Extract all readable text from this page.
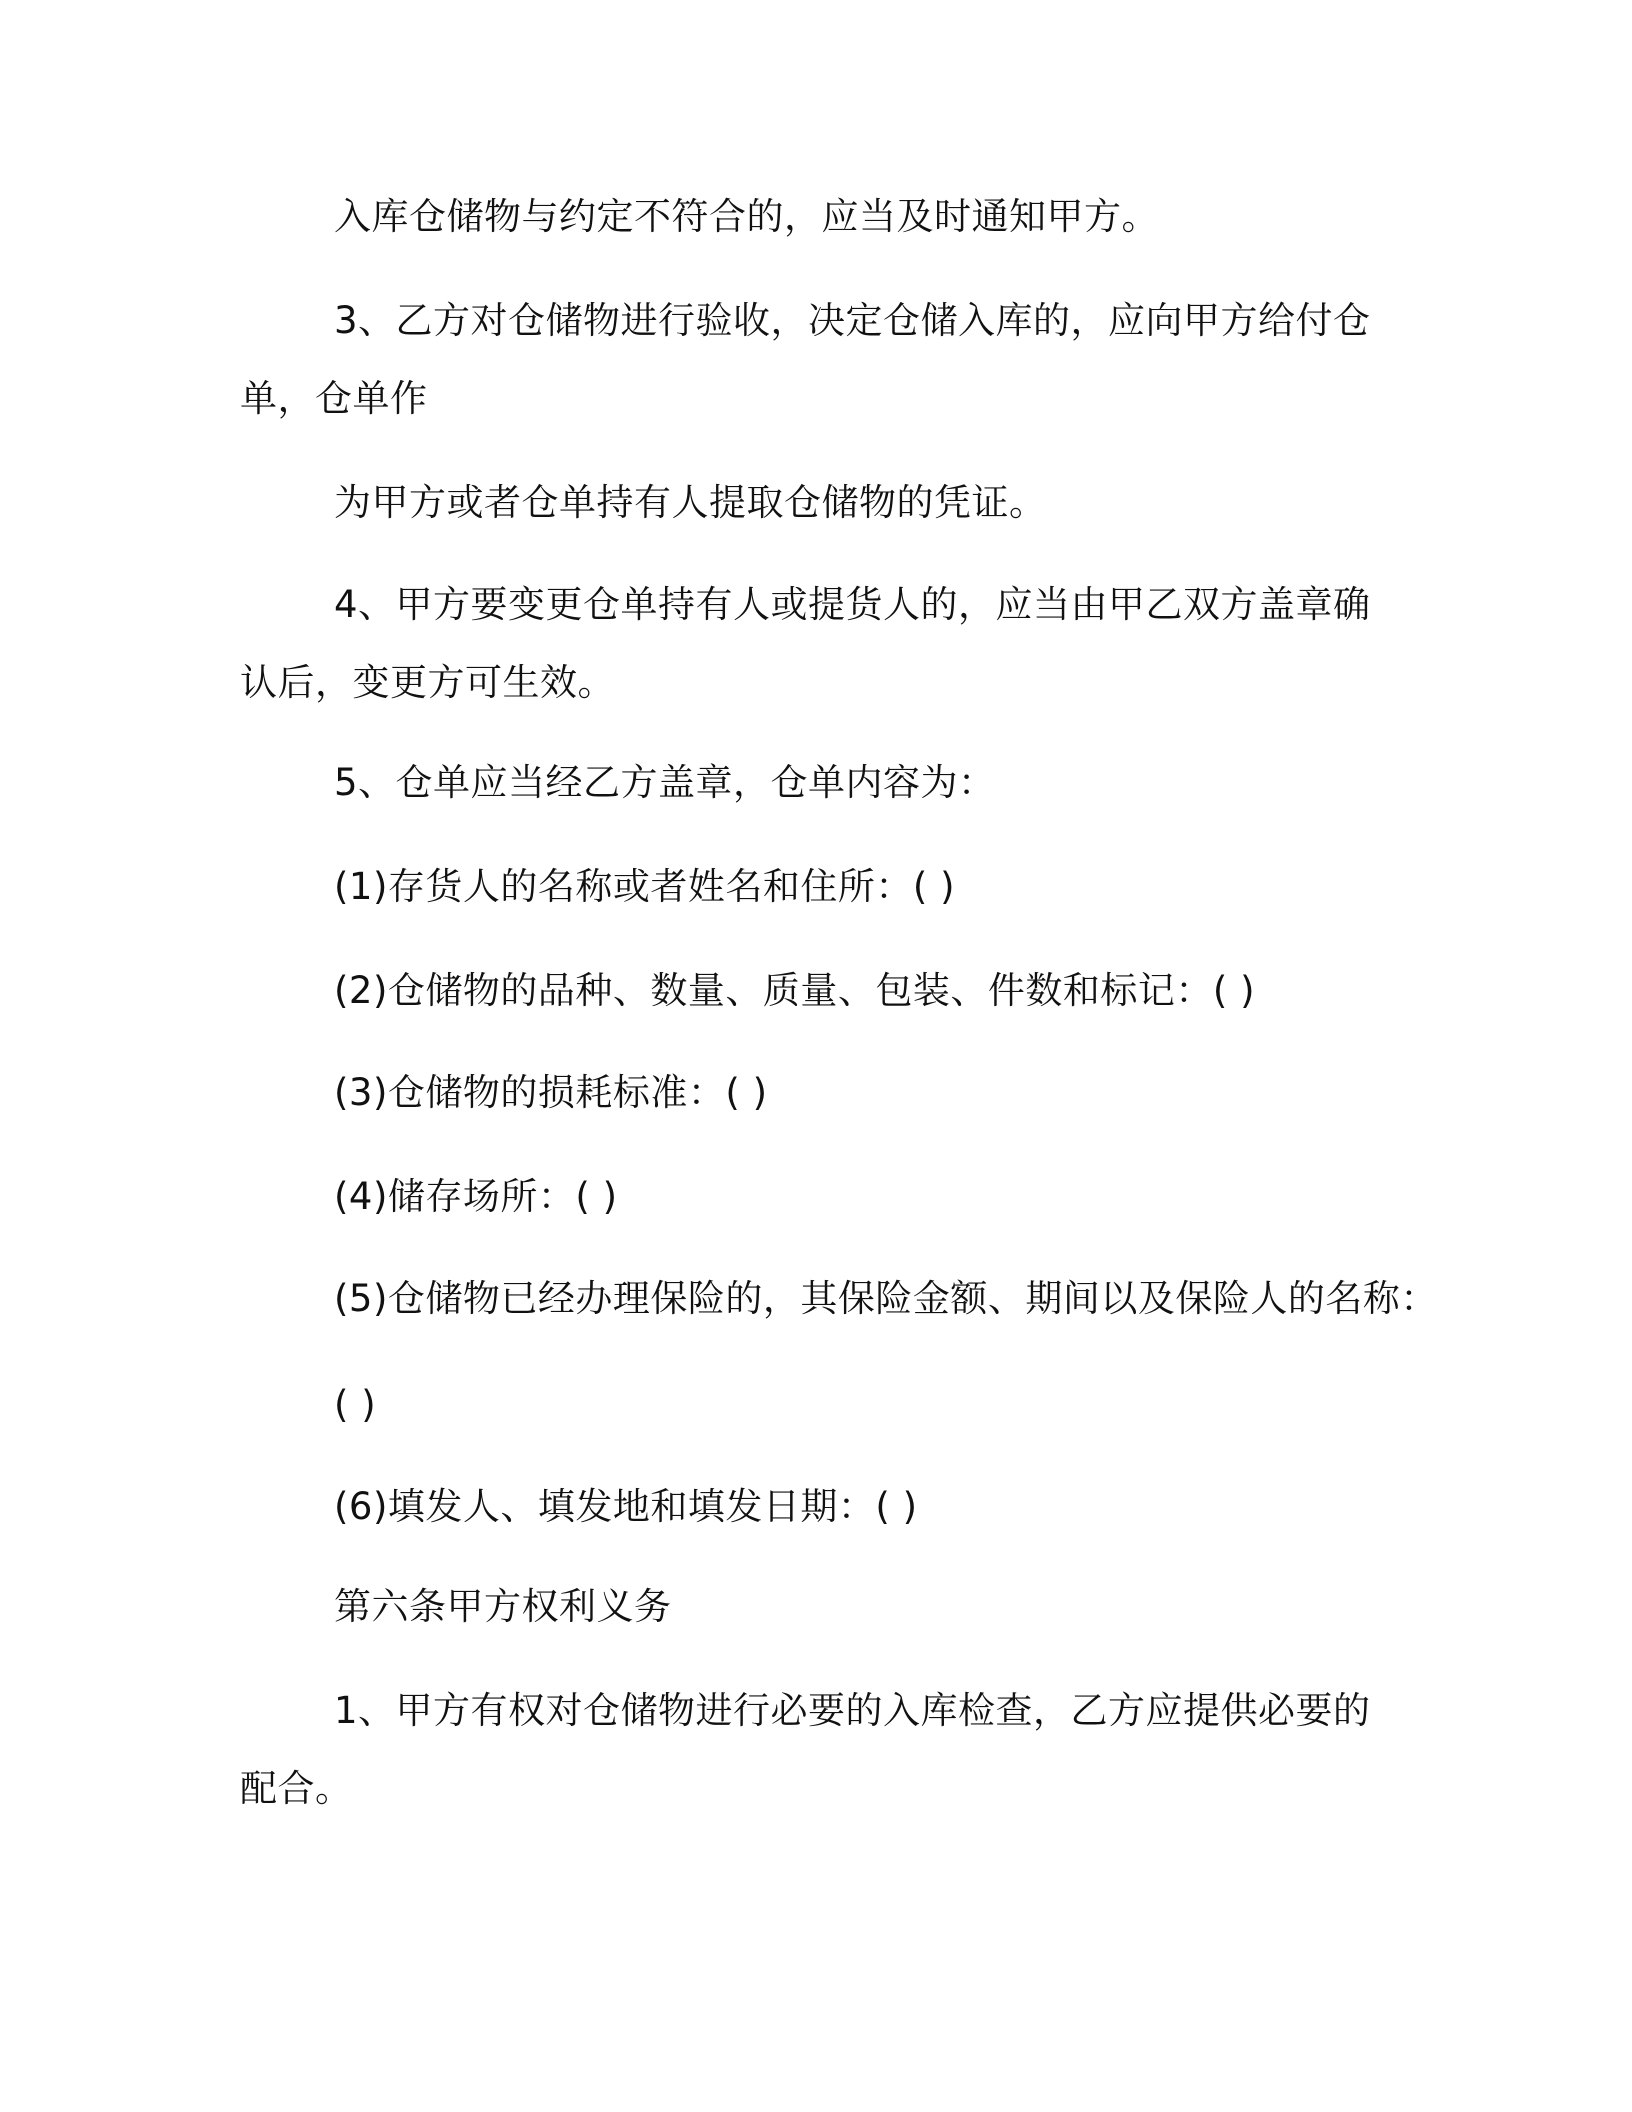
入库仓储物与约定不符合的，应当及时通知甲方。
3、乙方对仓储物进行验收，决定仓储入库的，应向甲方给付仓
单，仓单作
为甲方或者仓单持有人提取仓储物的凭证。
4、甲方要变更仓单持有人或提货人的，应当由甲乙双方盖章确
认后，变更方可生效。
5、仓单应当经乙方盖章，仓单内容为：
(1)存货人的名称或者姓名和住所：( )
(2)仓储物的品种、数量、质量、包装、件数和标记：( )
(3)仓储物的损耗标准：( )
(4)储存场所：( )
(5)仓储物已经办理保险的，其保险金额、期间以及保险人的名称：
( )
(6)填发人、填发地和填发日期：( )
第六条甲方权利义务
1、甲方有权对仓储物进行必要的入库检查，乙方应提供必要的
配合。
